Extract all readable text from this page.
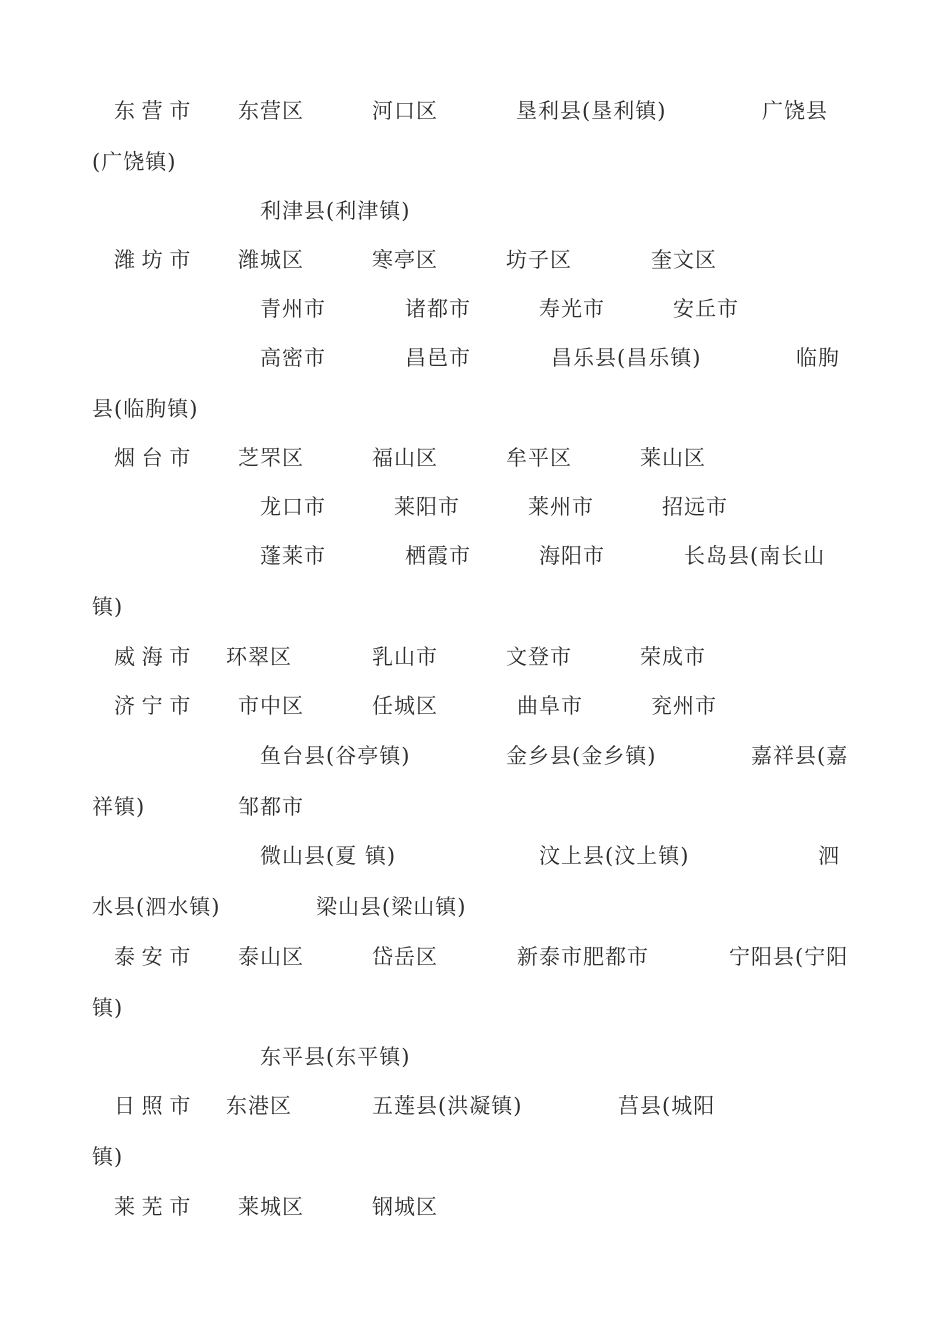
东 营 市 东营区	河口区	垦利县(垦利镇)	广饶县
(广饶镇)
利津县(利津镇)
潍 坊 市 潍城区	寒亭区	坊子区	奎文区
青州市	诸都市	寿光市	安丘市
高密市	昌邑市	昌乐县(昌乐镇)	临朐
县(临朐镇)
烟 台 市 芝罘区	福山区	牟平区	莱山区
龙口市	莱阳市	莱州市	招远市
蓬莱市	栖霞市	海阳市	长岛县(南长山
镇)
威 海 市 环翠区	乳山市	文登市	荣成市
济 宁 市 市中区	任城区	曲阜市	兖州市
鱼台县(谷亭镇)	金乡县(金乡镇)	嘉祥县(嘉
祥镇)	邹都市
微山县(夏 镇)	汶上县(汶上镇)	泗
水县(泗水镇)	梁山县(梁山镇)
泰 安 市 泰山区	岱岳区	新泰市肥都市	宁阳县(宁阳
镇)
东平县(东平镇)
日 照 市 东港区	五莲县(洪凝镇)	莒县(城阳
镇)
莱 芜 市 莱城区	钢城区
